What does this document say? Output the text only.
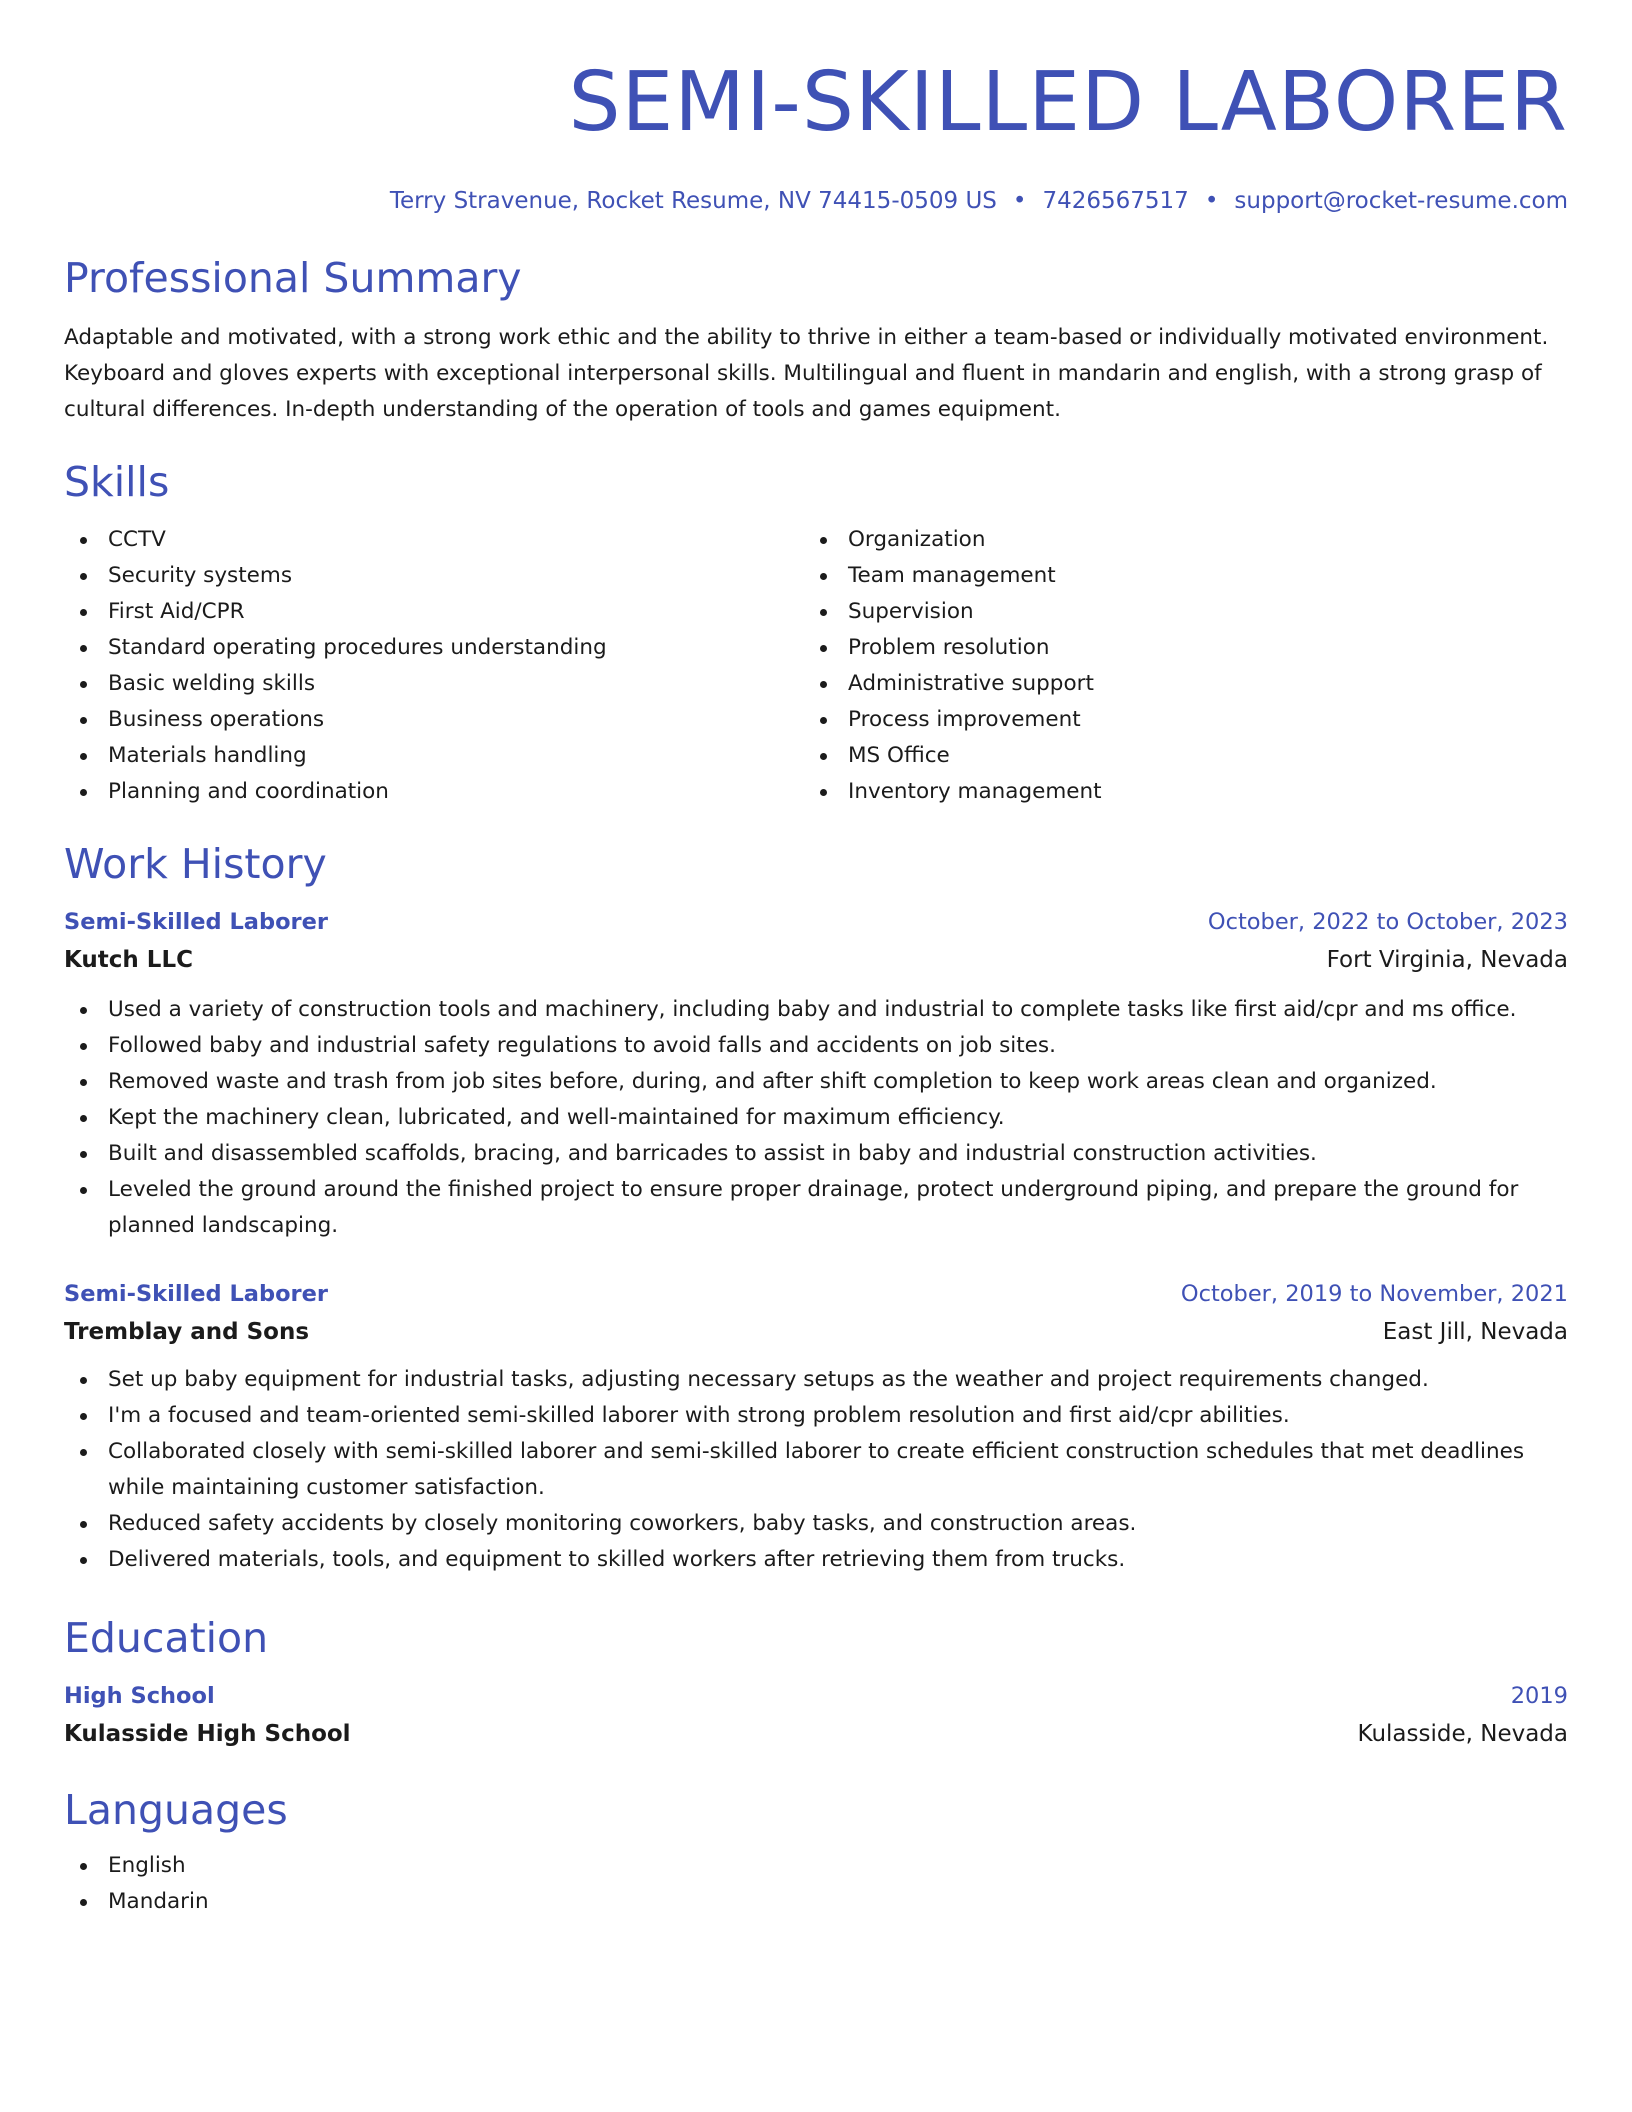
SEMI-SKILLED LABORER
Terry Stravenue, Rocket Resume, NV 74415-0509 US • 7426567517 • support@rocket-resume.com
Professional Summary

Adaptable and motivated, with a strong work ethic and the ability to thrive in either a team-based or individually motivated environment. Keyboard and gloves experts with exceptional interpersonal skills. Multilingual and fluent in mandarin and english, with a strong grasp of cultural differences. In-depth understanding of the operation of tools and games equipment.

Skills
CCTV
Security systems
First Aid/CPR
Standard operating procedures understanding
Basic welding skills
Business operations
Materials handling
Planning and coordination
Organization
Team management
Supervision
Problem resolution
Administrative support
Process improvement
MS Office
Inventory management
Work History
Semi-Skilled Laborer	October, 2022 to October, 2023
Kutch LLC	Fort Virginia, Nevada
Used a variety of construction tools and machinery, including baby and industrial to complete tasks like first aid/cpr and ms office.
Followed baby and industrial safety regulations to avoid falls and accidents on job sites.
Removed waste and trash from job sites before, during, and after shift completion to keep work areas clean and organized.
Kept the machinery clean, lubricated, and well-maintained for maximum efficiency.
Built and disassembled scaffolds, bracing, and barricades to assist in baby and industrial construction activities.
Leveled the ground around the finished project to ensure proper drainage, protect underground piping, and prepare the ground for planned landscaping.
Semi-Skilled Laborer	October, 2019 to November, 2021
Tremblay and Sons	East Jill, Nevada
Set up baby equipment for industrial tasks, adjusting necessary setups as the weather and project requirements changed.
I'm a focused and team-oriented semi-skilled laborer with strong problem resolution and first aid/cpr abilities.
Collaborated closely with semi-skilled laborer and semi-skilled laborer to create efficient construction schedules that met deadlines while maintaining customer satisfaction.
Reduced safety accidents by closely monitoring coworkers, baby tasks, and construction areas.
Delivered materials, tools, and equipment to skilled workers after retrieving them from trucks.
Education
High School	2019
Kulasside High School	Kulasside, Nevada
Languages
English
Mandarin
